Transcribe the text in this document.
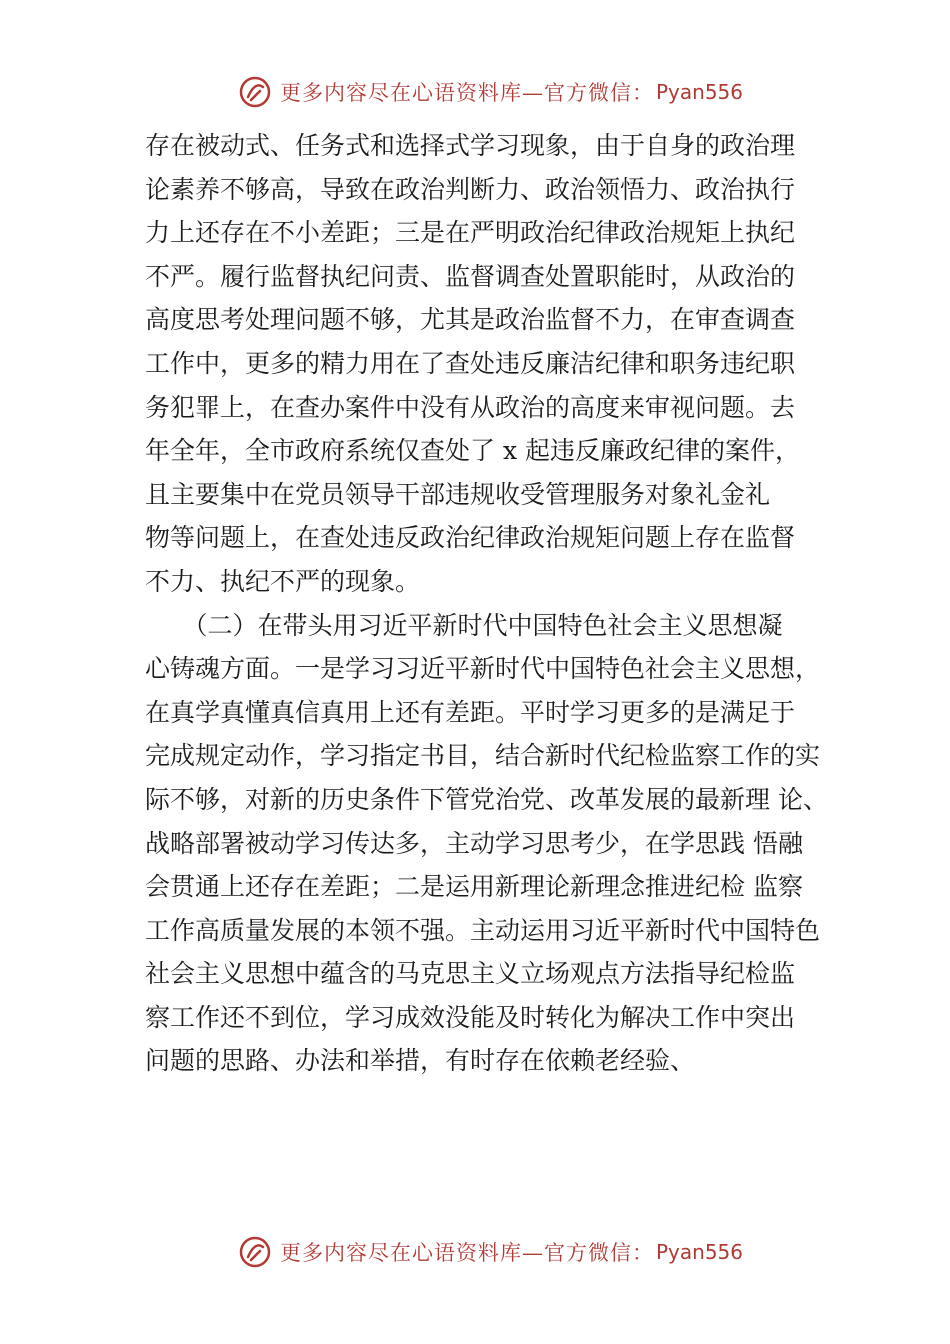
更多内容尽在心语资料库—官方微信： Pyan556
存在被动式、任务式和选择式学习现象，由于自身的政治理
论素养不够高，导致在政治判断力、政治领悟力、政治执行
力上还存在不小差距；三是在严明政治纪律政治规矩上执纪
不严。履行监督执纪问责、监督调查处置职能时，从政治的
高度思考处理问题不够，尤其是政治监督不力，在审查调查
工作中，更多的精力用在了查处违反廉洁纪律和职务违纪职
务犯罪上，在查办案件中没有从政治的高度来审视问题。去
年全年，全市政府系统仅查处了 x 起违反廉政纪律的案件，
且主要集中在党员领导干部违规收受管理服务对象礼金礼
物等问题上，在查处违反政治纪律政治规矩问题上存在监督
不力、执纪不严的现象。
　　（二）在带头用习近平新时代中国特色社会主义思想凝
心铸魂方面。一是学习习近平新时代中国特色社会主义思想，
在真学真懂真信真用上还有差距。平时学习更多的是满足于
完成规定动作，学习指定书目，结合新时代纪检监察工作的实
际不够，对新的历史条件下管党治党、改革发展的最新理 论、
战略部署被动学习传达多，主动学习思考少，在学思践 悟融
会贯通上还存在差距；二是运用新理论新理念推进纪检 监察
工作高质量发展的本领不强。主动运用习近平新时代中国特色
社会主义思想中蕴含的马克思主义立场观点方法指导纪检监
察工作还不到位，学习成效没能及时转化为解决工作中突出
问题的思路、办法和举措，有时存在依赖老经验、
更多内容尽在心语资料库—官方微信： Pyan556
